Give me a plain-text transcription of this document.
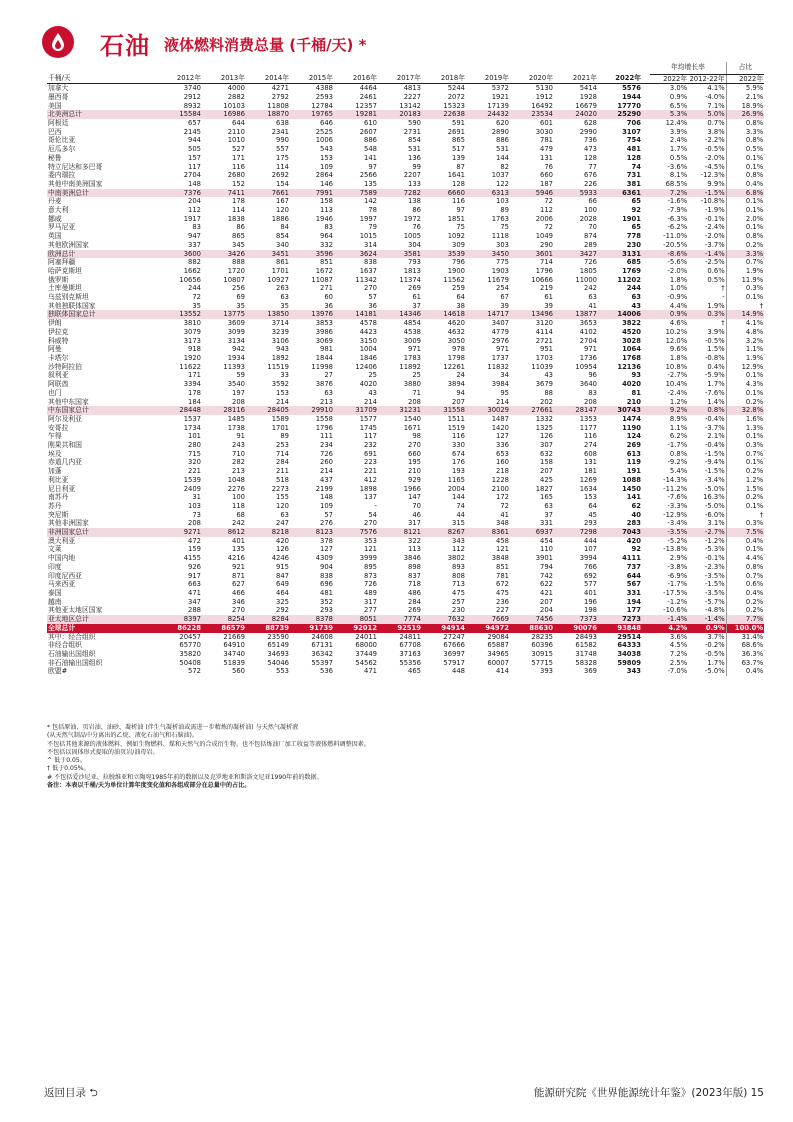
石油 液体燃料消费总量 (千桶/天) *
													年均增长率		占比
千桶/天	2012年	2013年	2014年	2015年	2016年	2017年	2018年	2019年	2020年	2021年	2022年		2022年	2012-22年	2022年
加拿大	3740	4000	4271	4388	4464	4813	5244	5372	5130	5414	5576		3.0%	4.1%	5.9%
墨西哥	2912	2882	2792	2593	2461	2227	2072	1921	1912	1928	1944		0.9%	-4.0%	2.1%
美国	8932	10103	11808	12784	12357	13142	15323	17139	16492	16679	17770		6.5%	7.1%	18.9%
北美洲总计	15584	16986	18870	19765	19281	20183	22638	24432	23534	24020	25290		5.3%	5.0%	26.9%
阿根廷	657	644	638	646	610	590	591	620	601	628	706		12.4%	0.7%	0.8%
巴西	2145	2110	2341	2525	2607	2731	2691	2890	3030	2990	3107		3.9%	3.8%	3.3%
哥伦比亚	944	1010	990	1006	886	854	865	886	781	736	754		2.4%	-2.2%	0.8%
厄瓜多尔	505	527	557	543	548	531	517	531	479	473	481		1.7%	-0.5%	0.5%
秘鲁	157	171	175	153	141	136	139	144	131	128	128		0.5%	-2.0%	0.1%
特立尼达和多巴哥	117	116	114	109	97	99	87	82	76	77	74		-3.6%	-4.5%	0.1%
委内瑞拉	2704	2680	2692	2864	2566	2207	1641	1037	660	676	731		8.1%	-12.3%	0.8%
其他中南美洲国家	148	152	154	146	135	133	128	122	187	226	381		68.5%	9.9%	0.4%
中南美洲总计	7376	7411	7661	7991	7589	7282	6660	6313	5946	5933	6361		7.2%	-1.5%	6.8%
丹麦	204	178	167	158	142	138	116	103	72	66	65		-1.6%	-10.8%	0.1%
意大利	112	114	120	113	78	86	97	89	112	100	92		-7.9%	-1.9%	0.1%
挪威	1917	1838	1886	1946	1997	1972	1851	1763	2006	2028	1901		-6.3%	-0.1%	2.0%
罗马尼亚	83	86	84	83	79	76	75	75	72	70	65		-6.2%	-2.4%	0.1%
英国	947	865	854	964	1015	1005	1092	1118	1049	874	778		-11.0%	-2.0%	0.8%
其他欧洲国家	337	345	340	332	314	304	309	303	290	289	230		-20.5%	-3.7%	0.2%
欧洲总计	3600	3426	3451	3596	3624	3581	3539	3450	3601	3427	3131		-8.6%	-1.4%	3.3%
阿塞拜疆	882	888	861	851	838	793	796	775	714	726	685		-5.6%	-2.5%	0.7%
哈萨克斯坦	1662	1720	1701	1672	1637	1813	1900	1903	1796	1805	1769		-2.0%	0.6%	1.9%
俄罗斯	10656	10807	10927	11087	11342	11374	11562	11679	10666	11000	11202		1.8%	0.5%	11.9%
土库曼斯坦	244	256	263	271	270	269	259	254	219	242	244		1.0%	†	0.3%
乌兹别克斯坦	72	69	63	60	57	61	64	67	61	63	63		-0.9%	-	0.1%
其他独联体国家	35	35	35	36	36	37	38	39	39	41	43		4.4%	1.9%	†
独联体国家总计	13552	13775	13850	13976	14181	14346	14618	14717	13496	13877	14006		0.9%	0.3%	14.9%
伊朗	3810	3609	3714	3853	4578	4854	4620	3407	3120	3653	3822		4.6%	†	4.1%
伊拉克	3079	3099	3239	3986	4423	4538	4632	4779	4114	4102	4520		10.2%	3.9%	4.8%
科威特	3173	3134	3106	3069	3150	3009	3050	2976	2721	2704	3028		12.0%	-0.5%	3.2%
阿曼	918	942	943	981	1004	971	978	971	951	971	1064		9.6%	1.5%	1.1%
卡塔尔	1920	1934	1892	1844	1846	1783	1798	1737	1703	1736	1768		1.8%	-0.8%	1.9%
沙特阿拉伯	11622	11393	11519	11998	12406	11892	12261	11832	11039	10954	12136		10.8%	0.4%	12.9%
叙利亚	171	59	33	27	25	25	24	34	43	96	93		-2.7%	-5.9%	0.1%
阿联酋	3394	3540	3592	3876	4020	3880	3894	3984	3679	3640	4020		10.4%	1.7%	4.3%
也门	178	197	153	63	43	71	94	95	88	83	81		-2.4%	-7.6%	0.1%
其他中东国家	184	208	214	213	214	208	207	214	202	208	210		1.2%	1.4%	0.2%
中东国家总计	28448	28116	28405	29910	31709	31231	31558	30029	27661	28147	30743		9.2%	0.8%	32.8%
阿尔及利亚	1537	1485	1589	1558	1577	1540	1511	1487	1332	1353	1474		8.9%	-0.4%	1.6%
安哥拉	1734	1738	1701	1796	1745	1671	1519	1420	1325	1177	1190		1.1%	-3.7%	1.3%
乍得	101	91	89	111	117	98	116	127	126	116	124		6.2%	2.1%	0.1%
刚果共和国	280	243	253	234	232	270	330	336	307	274	269		-1.7%	-0.4%	0.3%
埃及	715	710	714	726	691	660	674	653	632	608	613		0.8%	-1.5%	0.7%
赤道几内亚	320	282	284	260	223	195	176	160	158	131	119		-9.2%	-9.4%	0.1%
加蓬	221	213	211	214	221	210	193	218	207	181	191		5.4%	-1.5%	0.2%
利比亚	1539	1048	518	437	412	929	1165	1228	425	1269	1088		-14.3%	-3.4%	1.2%
尼日利亚	2409	2276	2273	2199	1898	1966	2004	2100	1827	1634	1450		-11.2%	-5.0%	1.5%
南苏丹	31	100	155	148	137	147	144	172	165	153	141		-7.6%	16.3%	0.2%
苏丹	103	118	120	109	-	70	74	72	63	64	62		-3.3%	-5.0%	0.1%
突尼斯	73	68	63	57	54	46	44	41	37	45	40		-12.9%	-6.0%	†
其他非洲国家	208	242	247	276	270	317	315	348	331	293	283		-3.4%	3.1%	0.3%
非洲国家总计	9271	8612	8218	8123	7576	8121	8267	8361	6937	7298	7043		-3.5%	-2.7%	7.5%
澳大利亚	472	401	420	378	353	322	343	458	454	444	420		-5.2%	-1.2%	0.4%
文莱	159	135	126	127	121	113	112	121	110	107	92		-13.8%	-5.3%	0.1%
中国内地	4155	4216	4246	4309	3999	3846	3802	3848	3901	3994	4111		2.9%	-0.1%	4.4%
印度	926	921	915	904	895	898	893	851	794	766	737		-3.8%	-2.3%	0.8%
印度尼西亚	917	871	847	838	873	837	808	781	742	692	644		-6.9%	-3.5%	0.7%
马来西亚	663	627	649	696	726	718	713	672	622	577	567		-1.7%	-1.5%	0.6%
泰国	471	466	464	481	489	486	475	475	421	401	331		-17.5%	-3.5%	0.4%
越南	347	346	325	352	317	284	257	236	207	196	194		-1.2%	-5.7%	0.2%
其他亚太地区国家	288	270	292	293	277	269	230	227	204	198	177		-10.6%	-4.8%	0.2%
亚太地区总计	8397	8254	8284	8378	8051	7774	7632	7669	7456	7373	7273		-1.4%	-1.4%	7.7%
全球总计	86228	86579	88739	91739	92012	92519	94914	94972	88630	90076	93848		4.2%	0.9%	100.0%
其中：经合组织	20457	21669	23590	24608	24011	24811	27247	29084	28235	28493	29514		3.6%	3.7%	31.4%
非经合组织	65770	64910	65149	67131	68000	67708	67666	65887	60396	61582	64333		4.5%	-0.2%	68.6%
石油输出国组织	35820	34740	34693	36342	37449	37163	36997	34965	30915	31748	34038		7.2%	-0.5%	36.3%
非石油输出国组织	50408	51839	54046	55397	54562	55356	57917	60007	57715	58328	59809		2.5%	1.7%	63.7%
欧盟#	572	560	553	536	471	465	448	414	393	369	343		-7.0%	-5.0%	0.4%
* 包括原油、页岩油、油砂、凝析油 (伴生气凝析油或需进一步精炼的凝析油) 与天然气凝析液
(从天然气制品中分离出的乙烷、液化石油气和石脑油)。
不包括其他来源的液体燃料，例如生物燃料、煤和天然气的合成衍生物。也不包括炼油厂加工收益等液体燃料调整因素。
不包括以固体形式提取的油页岩/油母岩。
^ 低于0.05。
† 低于0.05%。
# 不包括爱沙尼亚、拉脱维亚和立陶宛1985年前的数据以及克罗地亚和斯洛文尼亚1990年前的数据。
备注：本表以千桶/天为单位计算年度变化值和各组成部分在总量中的占比。
返回目录 ⮌	能源研究院《世界能源统计年鉴》(2023年版) 15
